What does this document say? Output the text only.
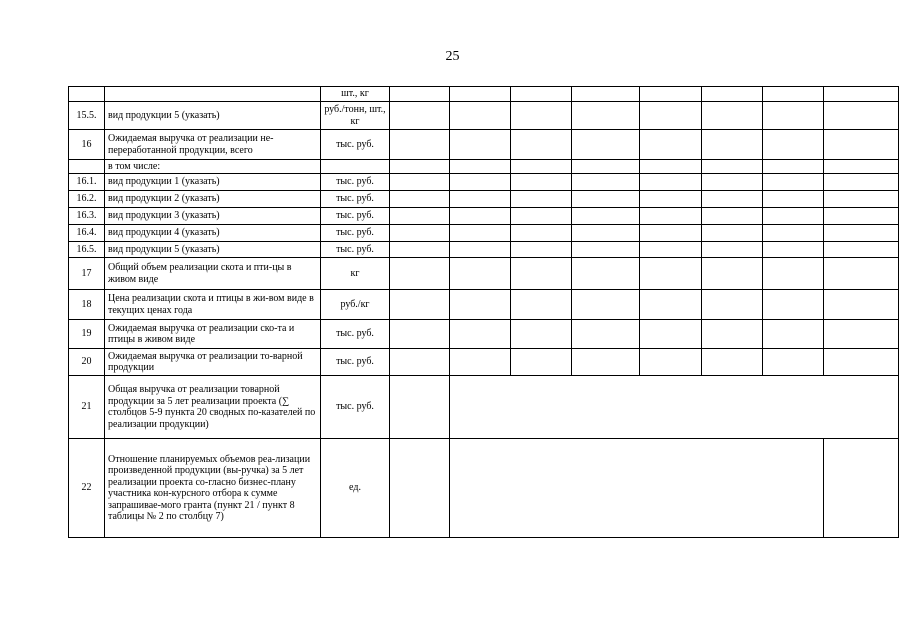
25
		шт., кг								
15.5.	вид продукции 5 (указать)	руб./тонн, шт., кг								
16	Ожидаемая выручка от реализации не-переработанной продукции, всего	тыс. руб.								
	в том числе:									
16.1.	вид продукции 1 (указать)	тыс. руб.								
16.2.	вид продукции 2 (указать)	тыс. руб.								
16.3.	вид продукции 3 (указать)	тыс. руб.								
16.4.	вид продукции 4 (указать)	тыс. руб.								
16.5.	вид продукции 5 (указать)	тыс. руб.								
17	Общий объем реализации скота и пти-цы в живом виде	кг								
18	Цена реализации скота и птицы в жи-вом виде в текущих ценах года	руб./кг								
19	Ожидаемая выручка от реализации ско-та и птицы в живом виде	тыс. руб.								
20	Ожидаемая выручка от реализации то-варной продукции	тыс. руб.								
21	Общая выручка от реализации товарной продукции за 5 лет реализации проекта (∑ столбцов 5-9 пункта 20 сводных по-казателей по реализации продукции)	тыс. руб.								
22	Отношение планируемых объемов реа-лизации произведенной продукции (вы-ручка) за 5 лет реализации проекта со-гласно бизнес-плану участника кон-курсного отбора к сумме запрашивае-мого гранта (пункт 21 / пункт 8 таблицы № 2 по столбцу 7)	ед.								
